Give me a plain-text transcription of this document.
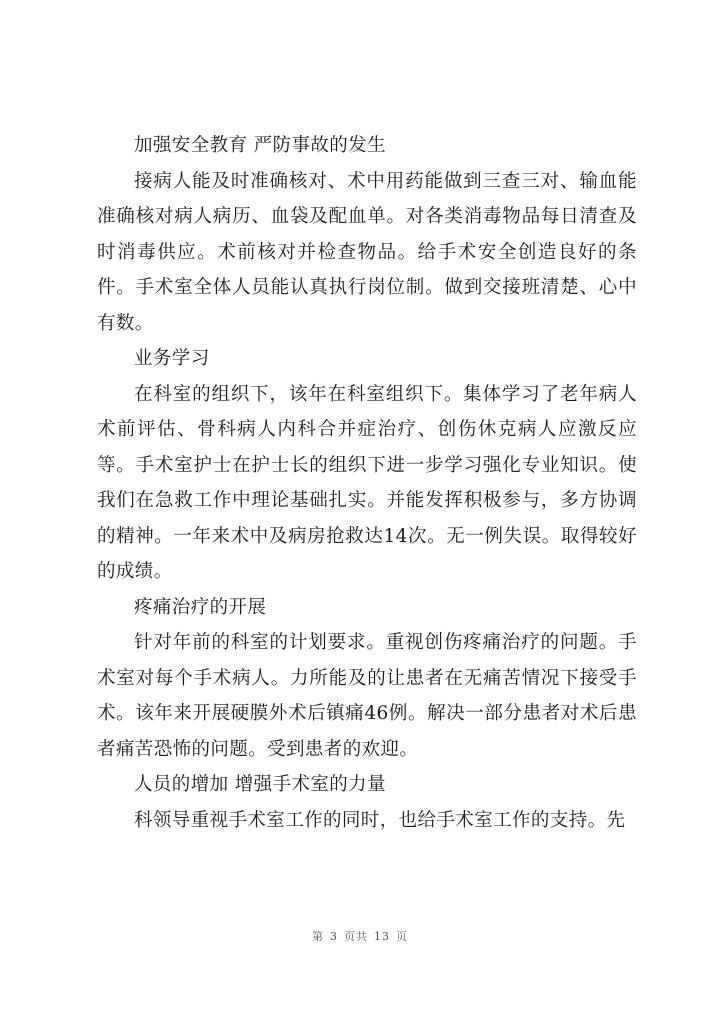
加强安全教育 严防事故的发生

接病人能及时准确核对、术中用药能做到三查三对、输血能准确核对病人病历、血袋及配血单。对各类消毒物品每日清查及时消毒供应。术前核对并检查物品。给手术安全创造良好的条件。手术室全体人员能认真执行岗位制。做到交接班清楚、心中有数。

业务学习

在科室的组织下，该年在科室组织下。集体学习了老年病人术前评估、骨科病人内科合并症治疗、创伤休克病人应激反应等。手术室护士在护士长的组织下进一步学习强化专业知识。使我们在急救工作中理论基础扎实。并能发挥积极参与，多方协调的精神。一年来术中及病房抢救达14次。无一例失误。取得较好的成绩。

疼痛治疗的开展

针对年前的科室的计划要求。重视创伤疼痛治疗的问题。手术室对每个手术病人。力所能及的让患者在无痛苦情况下接受手术。该年来开展硬膜外术后镇痛46例。解决一部分患者对术后患者痛苦恐怖的问题。受到患者的欢迎。

人员的增加 增强手术室的力量

科领导重视手术室工作的同时，也给手术室工作的支持。先

第 3 页共 13 页
